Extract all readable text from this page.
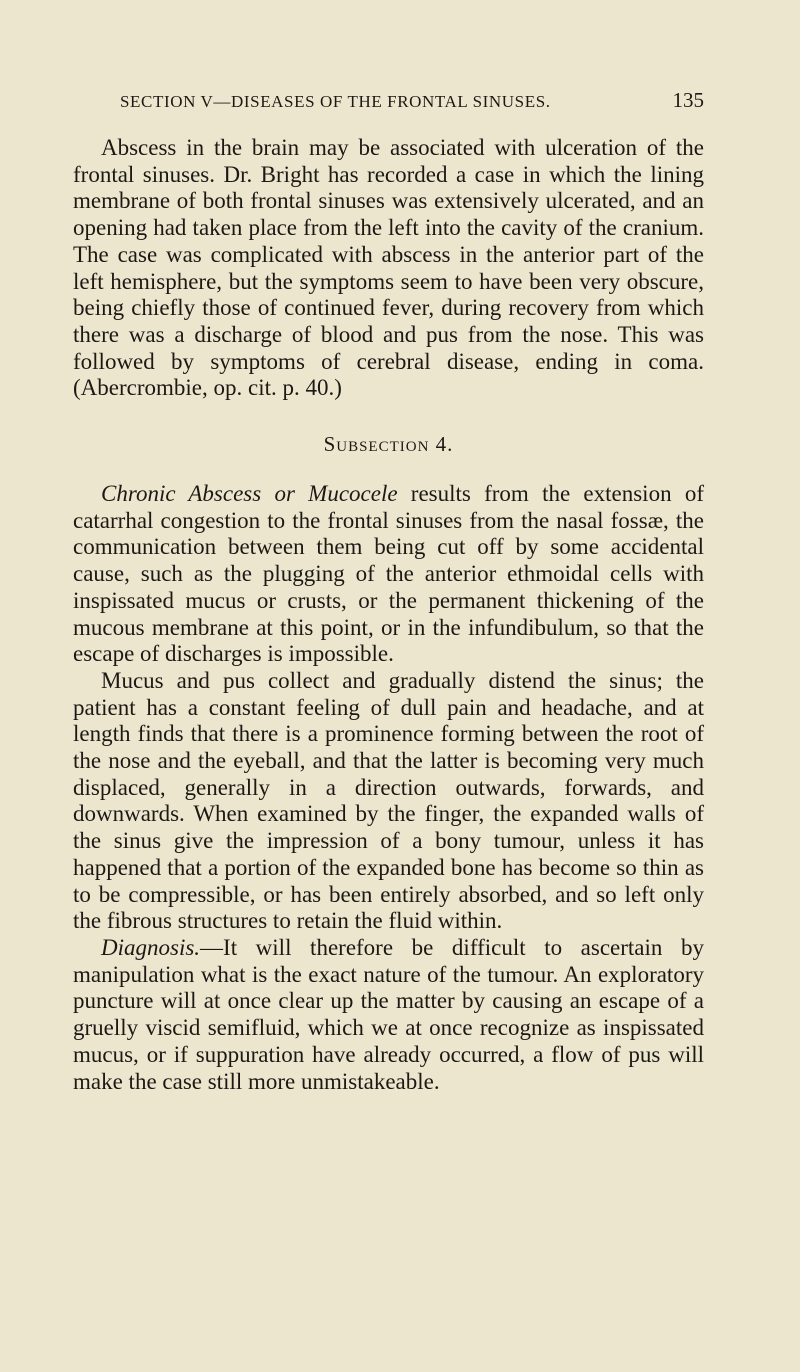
SECTION V—DISEASES OF THE FRONTAL SINUSES.	135

Abscess in the brain may be associated with ulceration of the frontal sinuses. Dr. Bright has recorded a case in which the lining membrane of both frontal sinuses was extensively ulcerated, and an opening had taken place from the left into the cavity of the cranium. The case was complicated with abscess in the anterior part of the left hemisphere, but the symptoms seem to have been very obscure, being chiefly those of continued fever, during recovery from which there was a discharge of blood and pus from the nose. This was followed by symptoms of cerebral disease, ending in coma. (Abercrombie, op. cit. p. 40.)

Subsection 4.

Chronic Abscess or Mucocele results from the extension of catarrhal congestion to the frontal sinuses from the nasal fossæ, the communication between them being cut off by some accidental cause, such as the plugging of the anterior ethmoidal cells with inspissated mucus or crusts, or the permanent thickening of the mucous membrane at this point, or in the infundibulum, so that the escape of discharges is impossible.

Mucus and pus collect and gradually distend the sinus; the patient has a constant feeling of dull pain and headache, and at length finds that there is a prominence forming between the root of the nose and the eyeball, and that the latter is becoming very much displaced, generally in a direction outwards, forwards, and downwards. When examined by the finger, the expanded walls of the sinus give the impression of a bony tumour, unless it has happened that a portion of the expanded bone has become so thin as to be compressible, or has been entirely absorbed, and so left only the fibrous structures to retain the fluid within.

Diagnosis.—It will therefore be difficult to ascertain by manipulation what is the exact nature of the tumour. An exploratory puncture will at once clear up the matter by causing an escape of a gruelly viscid semifluid, which we at once recognize as inspissated mucus, or if suppuration have already occurred, a flow of pus will make the case still more unmistakeable.
